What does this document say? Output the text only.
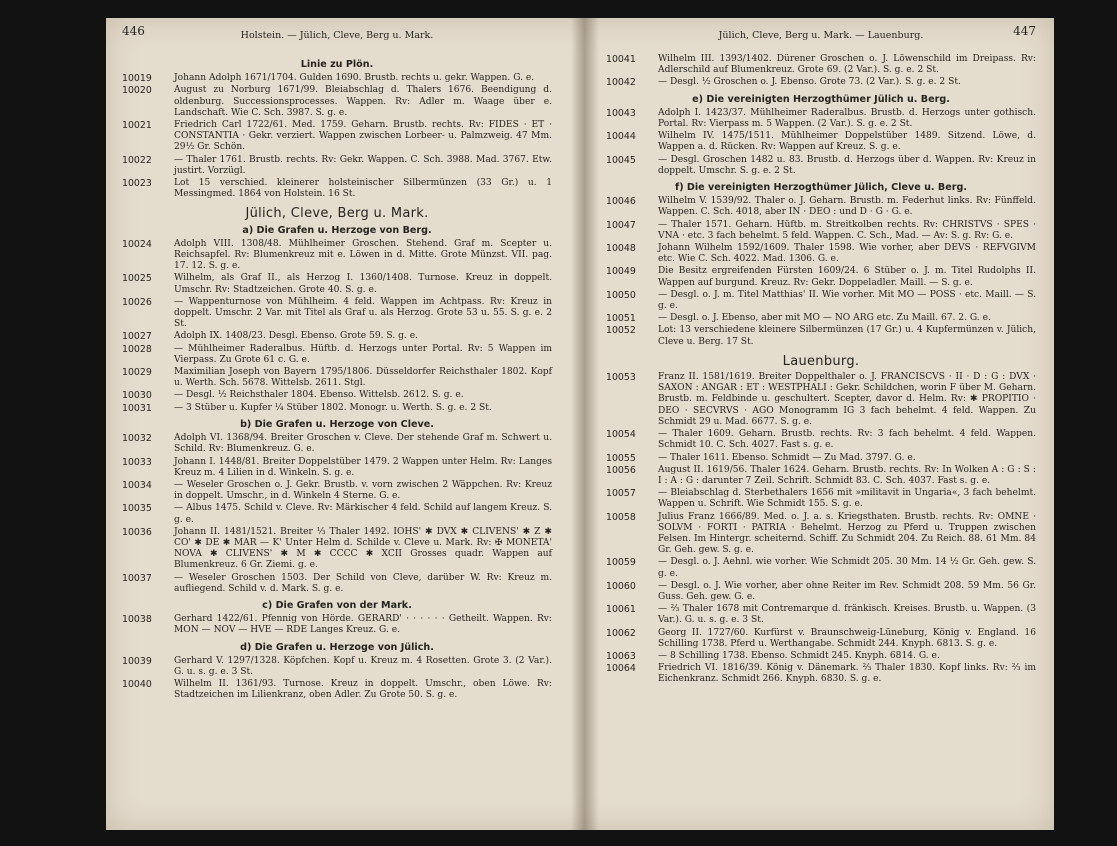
446	Holstein. — Jülich, Cleve, Berg u. Mark.
Linie zu Plön.
10019	Johann Adolph 1671/1704. Gulden 1690. Brustb. rechts u. gekr. Wappen. G. e.
10020	August zu Norburg 1671/99. Bleiabschlag d. Thalers 1676. Beendigung d. oldenburg. Successionsprocesses. Wappen. Rv: Adler m. Waage über e. Landschaft. Wie C. Sch. 3987. S. g. e.
10021	Friedrich Carl 1722/61. Med. 1759. Geharn. Brustb. rechts. Rv: FIDES · ET · CONSTANTIA · Gekr. verziert. Wappen zwischen Lorbeer- u. Palmzweig. 47 Mm. 29½ Gr. Schön.
10022	— Thaler 1761. Brustb. rechts. Rv: Gekr. Wappen. C. Sch. 3988. Mad. 3767. Etw. justirt. Vorzügl.
10023	Lot 15 verschied. kleinerer holsteinischer Silbermünzen (33 Gr.) u. 1 Messingmed. 1864 von Holstein. 16 St.
Jülich, Cleve, Berg u. Mark.
a) Die Grafen u. Herzoge von Berg.
10024	Adolph VIII. 1308/48. Mühlheimer Groschen. Stehend. Graf m. Scepter u. Reichsapfel. Rv: Blumenkreuz mit e. Löwen in d. Mitte. Grote Münzst. VII. pag. 17. 12. S. g. e.
10025	Wilhelm, als Graf II., als Herzog I. 1360/1408. Turnose. Kreuz in doppelt. Umschr. Rv: Stadtzeichen. Grote 40. S. g. e.
10026	— Wappenturnose von Mühlheim. 4 feld. Wappen im Achtpass. Rv: Kreuz in doppelt. Umschr. 2 Var. mit Titel als Graf u. als Herzog. Grote 53 u. 55. S. g. e. 2 St.
10027	Adolph IX. 1408/23. Desgl. Ebenso. Grote 59. S. g. e.
10028	— Mühlheimer Raderalbus. Hüftb. d. Herzogs unter Portal. Rv: 5 Wappen im Vierpass. Zu Grote 61 c. G. e.
10029	Maximilian Joseph von Bayern 1795/1806. Düsseldorfer Reichsthaler 1802. Kopf u. Werth. Sch. 5678. Wittelsb. 2611. Stgl.
10030	— Desgl. ½ Reichsthaler 1804. Ebenso. Wittelsb. 2612. S. g. e.
10031	— 3 Stüber u. Kupfer ¼ Stüber 1802. Monogr. u. Werth. S. g. e. 2 St.
b) Die Grafen u. Herzoge von Cleve.
10032	Adolph VI. 1368/94. Breiter Groschen v. Cleve. Der stehende Graf m. Schwert u. Schild. Rv: Blumenkreuz. G. e.
10033	Johann I. 1448/81. Breiter Doppelstüber 1479. 2 Wappen unter Helm. Rv: Langes Kreuz m. 4 Lilien in d. Winkeln. S. g. e.
10034	— Weseler Groschen o. J. Gekr. Brustb. v. vorn zwischen 2 Wäppchen. Rv: Kreuz in doppelt. Umschr., in d. Winkeln 4 Sterne. G. e.
10035	— Albus 1475. Schild v. Cleve. Rv: Märkischer 4 feld. Schild auf langem Kreuz. S. g. e.
10036	Johann II. 1481/1521. Breiter ⅓ Thaler 1492. IOHS' ✱ DVX ✱ CLIVENS' ✱ Z ✱ CO' ✱ DE ✱ MAR — K' Unter Helm d. Schilde v. Cleve u. Mark. Rv: ✠ MONETA' NOVA ✱ CLIVENS' ✱ M ✱ CCCC ✱ XCII Grosses quadr. Wappen auf Blumenkreuz. 6 Gr. Ziemi. g. e.
10037	— Weseler Groschen 1503. Der Schild von Cleve, darüber W. Rv: Kreuz m. aufliegend. Schild v. d. Mark. S. g. e.
c) Die Grafen von der Mark.
10038	Gerhard 1422/61. Pfennig von Hörde. GERARD' · · · · · · Getheilt. Wappen. Rv: MON — NOV — HVE — RDE Langes Kreuz. G. e.
d) Die Grafen u. Herzoge von Jülich.
10039	Gerhard V. 1297/1328. Köpfchen. Kopf u. Kreuz m. 4 Rosetten. Grote 3. (2 Var.). G. u. s. g. e. 3 St.
10040	Wilhelm II. 1361/93. Turnose. Kreuz in doppelt. Umschr., oben Löwe. Rv: Stadtzeichen im Lilienkranz, oben Adler. Zu Grote 50. S. g. e.
Jülich, Cleve, Berg u. Mark. — Lauenburg.	447
10041	Wilhelm III. 1393/1402. Dürener Groschen o. J. Löwenschild im Dreipass. Rv: Adlerschild auf Blumenkreuz. Grote 69. (2 Var.). S. g. e. 2 St.
10042	— Desgl. ½ Groschen o. J. Ebenso. Grote 73. (2 Var.). S. g. e. 2 St.
e) Die vereinigten Herzogthümer Jülich u. Berg.
10043	Adolph I. 1423/37. Mühlheimer Raderalbus. Brustb. d. Herzogs unter gothisch. Portal. Rv: Vierpass m. 5 Wappen. (2 Var.). S. g. e. 2 St.
10044	Wilhelm IV. 1475/1511. Mühlheimer Doppelstüber 1489. Sitzend. Löwe, d. Wappen a. d. Rücken. Rv: Wappen auf Kreuz. S. g. e.
10045	— Desgl. Groschen 1482 u. 83. Brustb. d. Herzogs über d. Wappen. Rv: Kreuz in doppelt. Umschr. S. g. e. 2 St.
f) Die vereinigten Herzogthümer Jülich, Cleve u. Berg.
10046	Wilhelm V. 1539/92. Thaler o. J. Geharn. Brustb. m. Federhut links. Rv: Fünffeld. Wappen. C. Sch. 4018, aber IN · DEO : und D · G · G. e.
10047	— Thaler 1571. Geharn. Hüftb. m. Streitkolben rechts. Rv: CHRISTVS · SPES · VNA · etc. 3 fach behelmt. 5 feld. Wappen. C. Sch., Mad. — Av: S. g. Rv: G. e.
10048	Johann Wilhelm 1592/1609. Thaler 1598. Wie vorher, aber DEVS · REFVGIVM etc. Wie C. Sch. 4022. Mad. 1306. G. e.
10049	Die Besitz ergreifenden Fürsten 1609/24. 6 Stüber o. J. m. Titel Rudolphs II. Wappen auf burgund. Kreuz. Rv: Gekr. Doppeladler. Maill. — S. g. e.
10050	— Desgl. o. J. m. Titel Matthias' II. Wie vorher. Mit MO — POSS · etc. Maill. — S. g. e.
10051	— Desgl. o. J. Ebenso, aber mit MO — NO ARG etc. Zu Maill. 67. 2. G. e.
10052	Lot: 13 verschiedene kleinere Silbermünzen (17 Gr.) u. 4 Kupfermünzen v. Jülich, Cleve u. Berg. 17 St.
Lauenburg.
10053	Franz II. 1581/1619. Breiter Doppelthaler o. J. FRANCISCVS · II · D : G : DVX · SAXON : ANGAR : ET : WESTPHALI : Gekr. Schildchen, worin F über M. Geharn. Brustb. m. Feldbinde u. geschultert. Scepter, davor d. Helm. Rv: ✱ PROPITIO · DEO · SECVRVS · AGO Monogramm IG 3 fach behelmt. 4 feld. Wappen. Zu Schmidt 29 u. Mad. 6677. S. g. e.
10054	— Thaler 1609. Geharn. Brustb. rechts. Rv: 3 fach behelmt. 4 feld. Wappen. Schmidt 10. C. Sch. 4027. Fast s. g. e.
10055	— Thaler 1611. Ebenso. Schmidt — Zu Mad. 3797. G. e.
10056	August II. 1619/56. Thaler 1624. Geharn. Brustb. rechts. Rv: In Wolken A : G : S : I : A : G : darunter 7 Zeil. Schrift. Schmidt 83. C. Sch. 4037. Fast s. g. e.
10057	— Bleiabschlag d. Sterbethalers 1656 mit »militavit in Ungaria«, 3 fach behelmt. Wappen u. Schrift. Wie Schmidt 155. S. g. e.
10058	Julius Franz 1666/89. Med. o. J. a. s. Kriegsthaten. Brustb. rechts. Rv: OMNE · SOLVM · FORTI · PATRIA · Behelmt. Herzog zu Pferd u. Truppen zwischen Felsen. Im Hintergr. scheiternd. Schiff. Zu Schmidt 204. Zu Reich. 88. 61 Mm. 84 Gr. Geh. gew. S. g. e.
10059	— Desgl. o. J. Aehnl. wie vorher. Wie Schmidt 205. 30 Mm. 14 ½ Gr. Geh. gew. S. g. e.
10060	— Desgl. o. J. Wie vorher, aber ohne Reiter im Rev. Schmidt 208. 59 Mm. 56 Gr. Guss. Geh. gew. G. e.
10061	— ⅔ Thaler 1678 mit Contremarque d. fränkisch. Kreises. Brustb. u. Wappen. (3 Var.). G. u. s. g. e. 3 St.
10062	Georg II. 1727/60. Kurfürst v. Braunschweig-Lüneburg, König v. England. 16 Schilling 1738. Pferd u. Werthangabe. Schmidt 244. Knyph. 6813. S. g. e.
10063	— 8 Schilling 1738. Ebenso. Schmidt 245. Knyph. 6814. G. e.
10064	Friedrich VI. 1816/39. König v. Dänemark. ⅔ Thaler 1830. Kopf links. Rv: ⅔ im Eichenkranz. Schmidt 266. Knyph. 6830. S. g. e.
